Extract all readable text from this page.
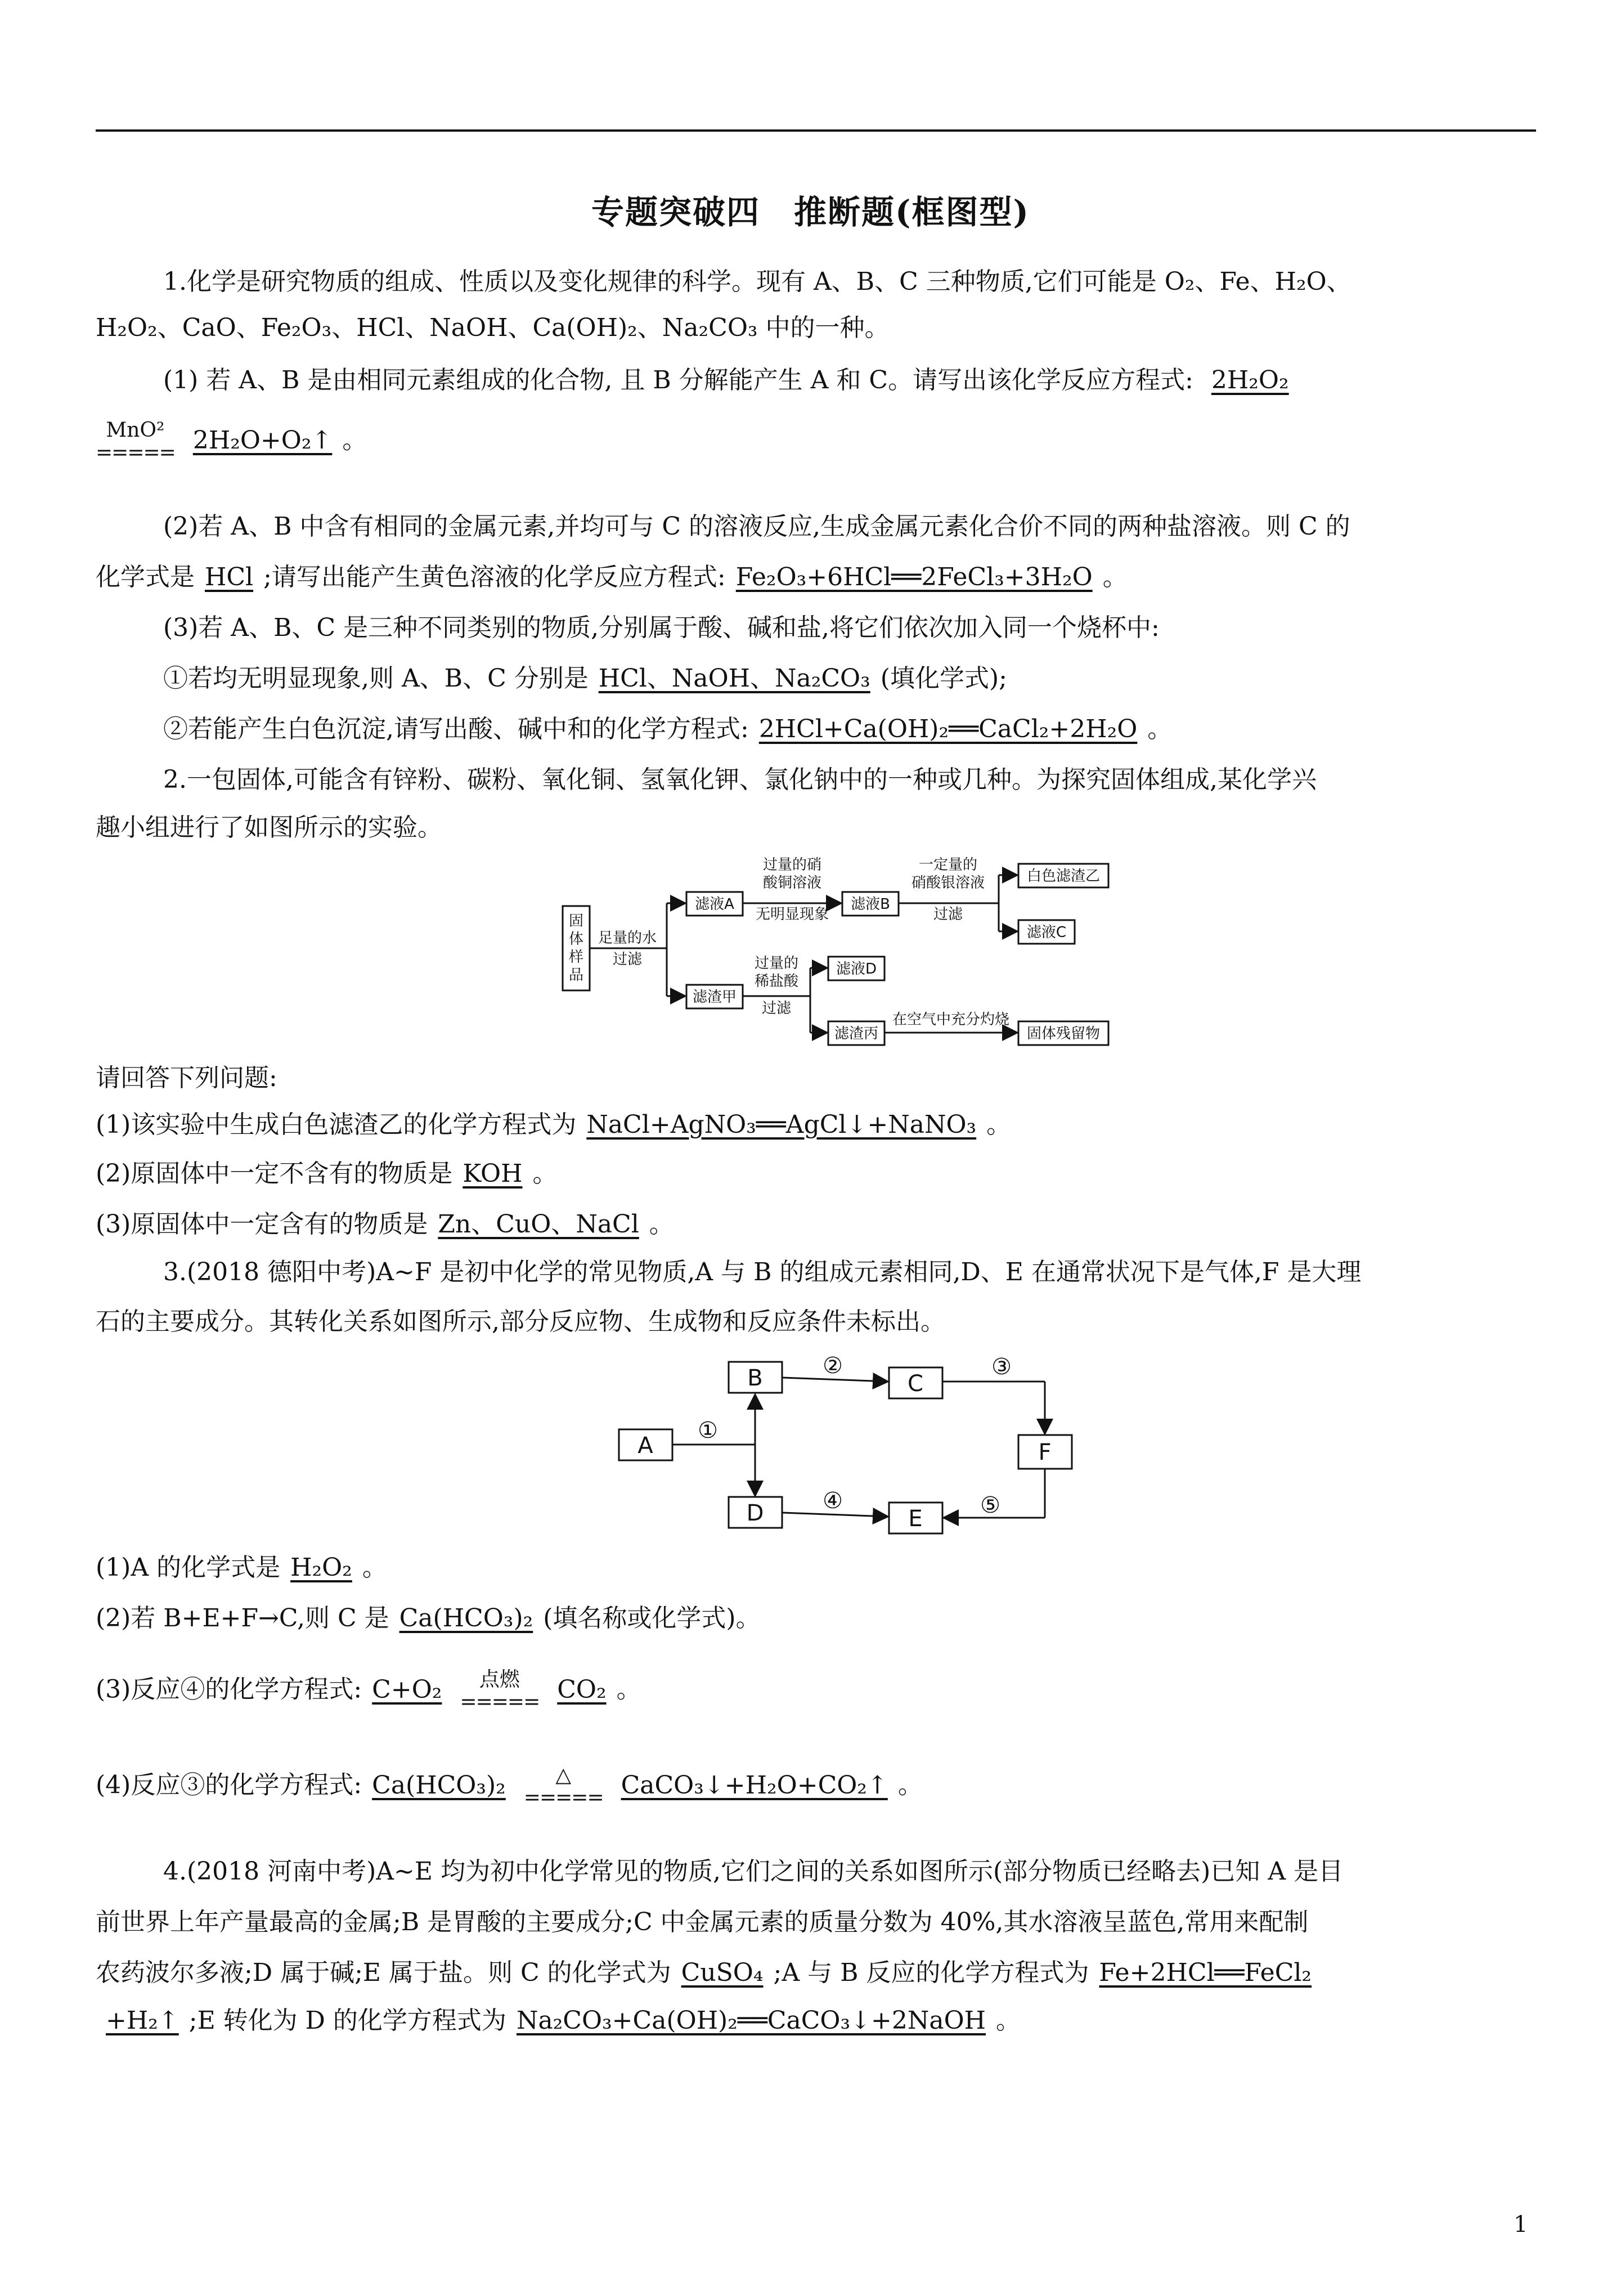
专题突破四　推断题(框图型)
1.化学是研究物质的组成、性质以及变化规律的科学。现有 A、B、C 三种物质,它们可能是 O₂、Fe、H₂O、
H₂O₂、CaO、Fe₂O₃、HCl、NaOH、Ca(OH)₂、Na₂CO₃ 中的一种。
(1) 若 A、B 是由相同元素组成的化合物, 且 B 分解能产生 A 和 C。请写出该化学反应方程式: 2H₂O₂
MnO²
===== 2H₂O+O₂↑ 。
(2)若 A、B 中含有相同的金属元素,并均可与 C 的溶液反应,生成金属元素化合价不同的两种盐溶液。则 C 的
化学式是 HCl ;请写出能产生黄色溶液的化学反应方程式: Fe₂O₃+6HCl══2FeCl₃+3H₂O 。
(3)若 A、B、C 是三种不同类别的物质,分别属于酸、碱和盐,将它们依次加入同一个烧杯中:
①若均无明显现象,则 A、B、C 分别是 HCl、NaOH、Na₂CO₃ (填化学式);
②若能产生白色沉淀,请写出酸、碱中和的化学方程式: 2HCl+Ca(OH)₂══CaCl₂+2H₂O 。
2.一包固体,可能含有锌粉、碳粉、氧化铜、氢氧化钾、氯化钠中的一种或几种。为探究固体组成,某化学兴
趣小组进行了如图所示的实验。
固
体
样
品
足量的水
过滤
滤液A
过量的硝
酸铜溶液
无明显现象
滤液B
一定量的
硝酸银溶液
过滤
白色滤渣乙
滤液C
滤渣甲
过量的
稀盐酸
过滤
滤液D
滤渣丙
在空气中充分灼烧
固体残留物
请回答下列问题:
(1)该实验中生成白色滤渣乙的化学方程式为 NaCl+AgNO₃══AgCl↓+NaNO₃ 。
(2)原固体中一定不含有的物质是 KOH 。
(3)原固体中一定含有的物质是 Zn、CuO、NaCl 。
3.(2018 德阳中考)A~F 是初中化学的常见物质,A 与 B 的组成元素相同,D、E 在通常状况下是气体,F 是大理
石的主要成分。其转化关系如图所示,部分反应物、生成物和反应条件未标出。
A
B	C
F
D	E
①
②	③
④	⑤
(1)A 的化学式是 H₂O₂ 。
(2)若 B+E+F→C,则 C 是 Ca(HCO₃)₂ (填名称或化学式)。
(3)反应④的化学方程式: C+O₂ 点燃
===== CO₂ 。
(4)反应③的化学方程式: Ca(HCO₃)₂ △
===== CaCO₃↓+H₂O+CO₂↑ 。
4.(2018 河南中考)A~E 均为初中化学常见的物质,它们之间的关系如图所示(部分物质已经略去)已知 A 是目
前世界上年产量最高的金属;B 是胃酸的主要成分;C 中金属元素的质量分数为 40%,其水溶液呈蓝色,常用来配制
农药波尔多液;D 属于碱;E 属于盐。则 C 的化学式为 CuSO₄ ;A 与 B 反应的化学方程式为 Fe+2HCl══FeCl₂
+H₂↑ ;E 转化为 D 的化学方程式为 Na₂CO₃+Ca(OH)₂══CaCO₃↓+2NaOH 。
1
